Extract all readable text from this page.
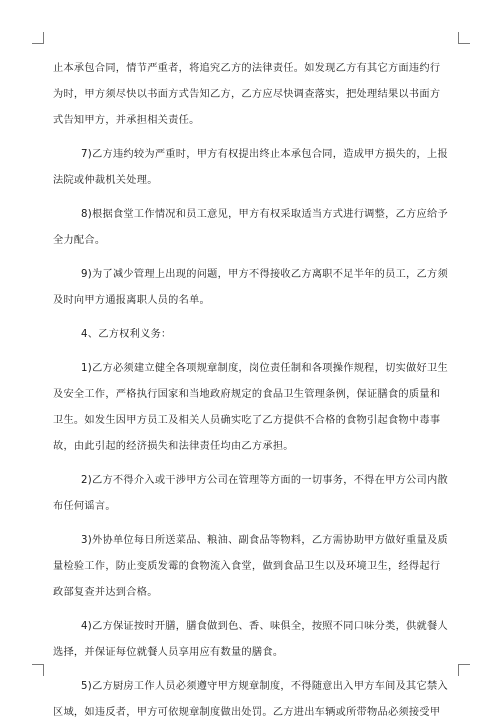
止本承包合同，情节严重者，将追究乙方的法律责任。如发现乙方有其它方面违约行
为时，甲方须尽快以书面方式告知乙方，乙方应尽快调查落实，把处理结果以书面方
式告知甲方，并承担相关责任。
7)乙方违约较为严重时，甲方有权提出终止本承包合同，造成甲方损失的，上报
法院或仲裁机关处理。
8)根据食堂工作情况和员工意见，甲方有权采取适当方式进行调整，乙方应给予
全力配合。
9)为了减少管理上出现的问题，甲方不得接收乙方离职不足半年的员工，乙方须
及时向甲方通报离职人员的名单。
4、乙方权利义务：
1)乙方必须建立健全各项规章制度，岗位责任制和各项操作规程，切实做好卫生
及安全工作，严格执行国家和当地政府规定的食品卫生管理条例，保证膳食的质量和
卫生。如发生因甲方员工及相关人员确实吃了乙方提供不合格的食物引起食物中毒事
故，由此引起的经济损失和法律责任均由乙方承担。
2)乙方不得介入或干涉甲方公司在管理等方面的一切事务，不得在甲方公司内散
布任何谣言。
3)外协单位每日所送菜品、粮油、副食品等物料，乙方需协助甲方做好重量及质
量检验工作，防止变质发霉的食物流入食堂，做到食品卫生以及环境卫生，经得起行
政部复查并达到合格。
4)乙方保证按时开膳，膳食做到色、香、味俱全，按照不同口味分类，供就餐人
选择，并保证每位就餐人员享用应有数量的膳食。
5)乙方厨房工作人员必须遵守甲方规章制度，不得随意出入甲方车间及其它禁入
区域，如违反者，甲方可依规章制度做出处罚。乙方进出车辆或所带物品必须接受甲
